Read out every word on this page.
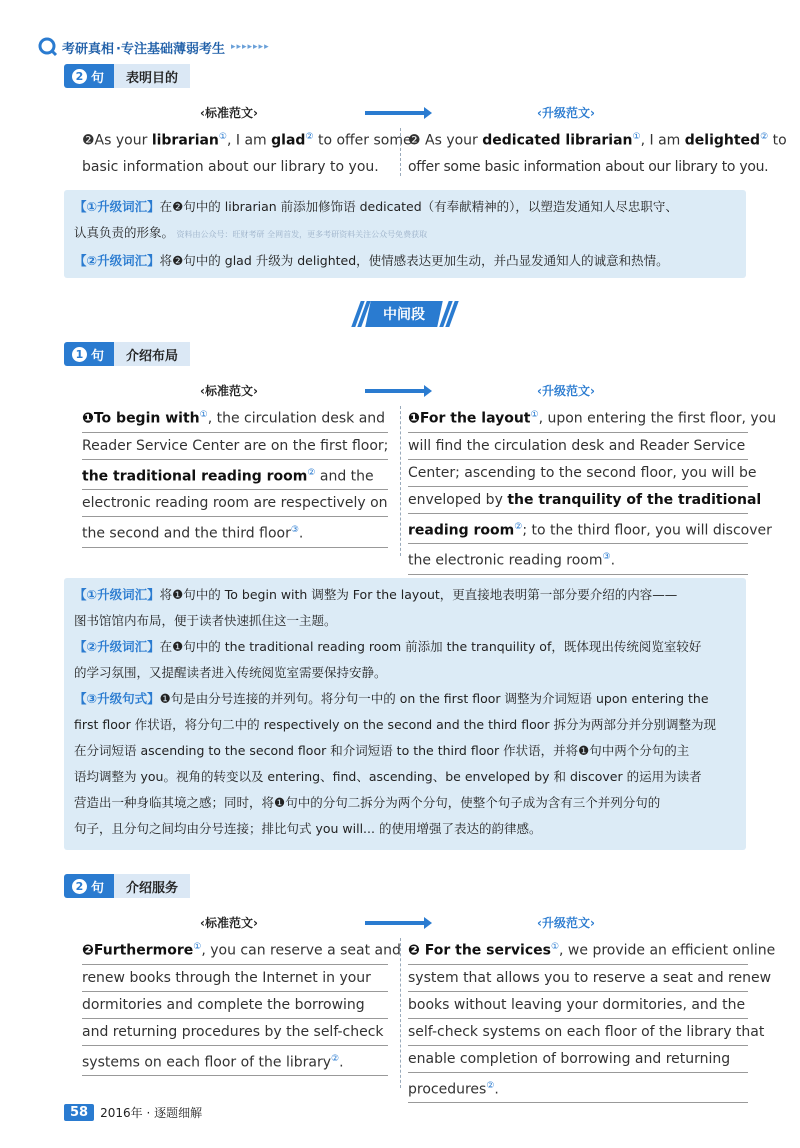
考研真相 ·专注基础薄弱考生 ▸▸▸▸▸▸▸
2 句	表明目的
‹标准范文›	‹升级范文›
❷As your librarian①, I am glad② to offer some
basic information about our library to you.
❷ As your dedicated librarian①, I am delighted② to
offer some basic information about our library to you.
【①升级词汇】在❷句中的 librarian 前添加修饰语 dedicated（有奉献精神的），以塑造发通知人尽忠职守、
认真负责的形象。 资料由公众号：旺财考研 全网首发，更多考研资料关注公众号免费获取
【②升级词汇】将❷句中的 glad 升级为 delighted，使情感表达更加生动，并凸显发通知人的诚意和热情。
中间段
1 句	介绍布局
‹标准范文›	‹升级范文›
❶To begin with①, the circulation desk and
Reader Service Center are on the first floor;
the traditional reading room② and the
electronic reading room are respectively on
the second and the third floor③.
❶For the layout①, upon entering the first floor, you
will find the circulation desk and Reader Service
Center; ascending to the second floor, you will be
enveloped by the tranquility of the traditional
reading room②; to the third floor, you will discover
the electronic reading room③.
【①升级词汇】将❶句中的 To begin with 调整为 For the layout，更直接地表明第一部分要介绍的内容——
图书馆馆内布局，便于读者快速抓住这一主题。
【②升级词汇】在❶句中的 the traditional reading room 前添加 the tranquility of，既体现出传统阅览室较好
的学习氛围，又提醒读者进入传统阅览室需要保持安静。
【③升级句式】❶句是由分号连接的并列句。将分句一中的 on the first floor 调整为介词短语 upon entering the
first floor 作状语，将分句二中的 respectively on the second and the third floor 拆分为两部分并分别调整为现
在分词短语 ascending to the second floor 和介词短语 to the third floor 作状语，并将❶句中两个分句的主
语均调整为 you。视角的转变以及 entering、find、ascending、be enveloped by 和 discover 的运用为读者
营造出一种身临其境之感；同时，将❶句中的分句二拆分为两个分句，使整个句子成为含有三个并列分句的
句子，且分句之间均由分号连接；排比句式 you will... 的使用增强了表达的韵律感。
2 句	介绍服务
‹标准范文›	‹升级范文›
❷Furthermore①, you can reserve a seat and
renew books through the Internet in your
dormitories and complete the borrowing
and returning procedures by the self-check
systems on each floor of the library②.
❷ For the services①, we provide an efficient online
system that allows you to reserve a seat and renew
books without leaving your dormitories, and the
self-check systems on each floor of the library that
enable completion of borrowing and returning
procedures②.
58	2016年 · 逐题细解
